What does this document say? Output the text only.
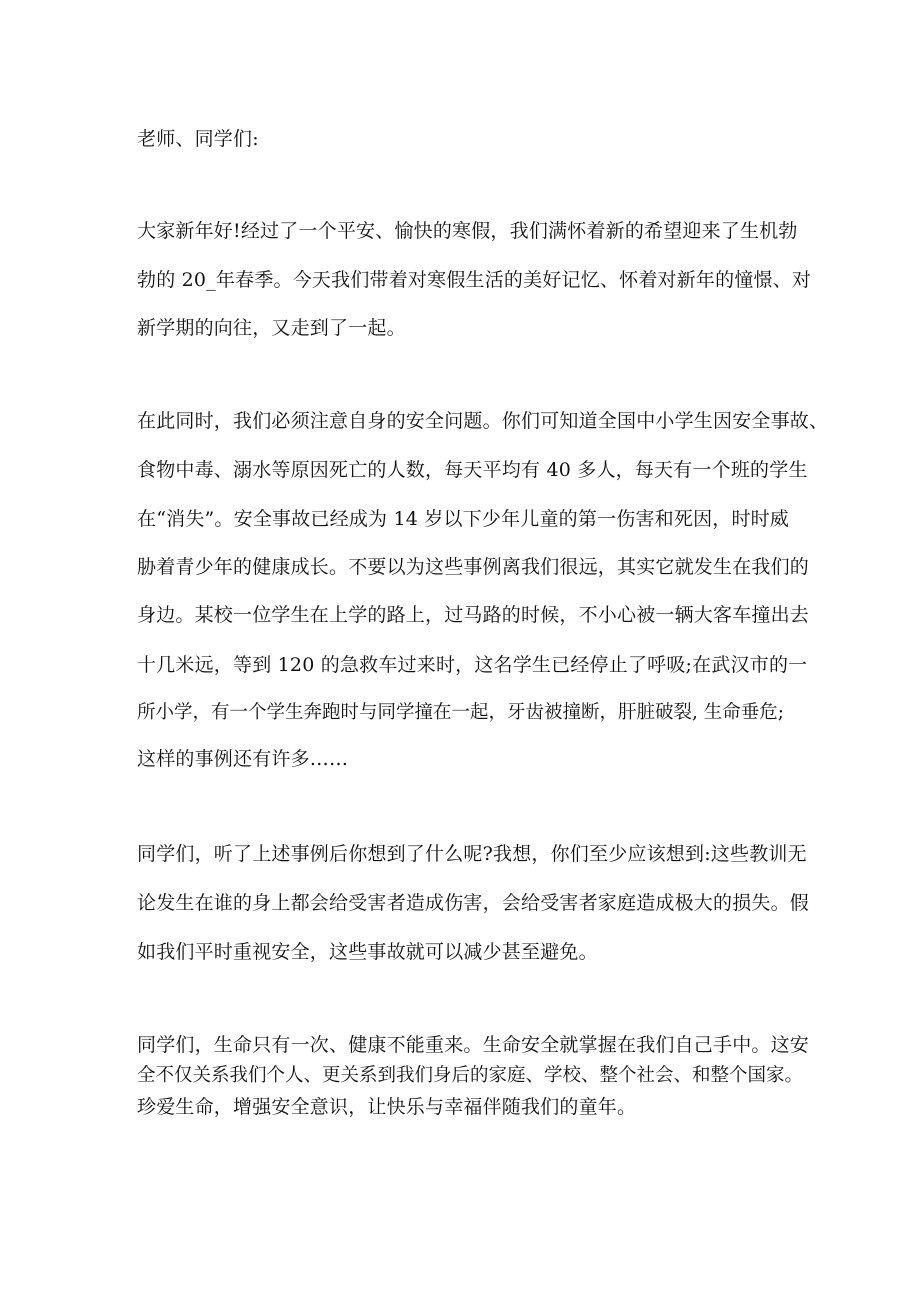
老师、同学们:
大家新年好!经过了一个平安、愉快的寒假，我们满怀着新的希望迎来了生机勃
勃的 20_年春季。今天我们带着对寒假生活的美好记忆、怀着对新年的憧憬、对
新学期的向往，又走到了一起。
在此同时，我们必须注意自身的安全问题。你们可知道全国中小学生因安全事故、
食物中毒、溺水等原因死亡的人数，每天平均有 40 多人，每天有一个班的学生
在“消失”。安全事故已经成为 14 岁以下少年儿童的第一伤害和死因，时时威
胁着青少年的健康成长。不要以为这些事例离我们很远，其实它就发生在我们的
身边。某校一位学生在上学的路上，过马路的时候，不小心被一辆大客车撞出去
十几米远，等到 120 的急救车过来时，这名学生已经停止了呼吸;在武汉市的一
所小学，有一个学生奔跑时与同学撞在一起，牙齿被撞断，肝脏破裂, 生命垂危;
这样的事例还有许多……
同学们，听了上述事例后你想到了什么呢?我想，你们至少应该想到:这些教训无
论发生在谁的身上都会给受害者造成伤害，会给受害者家庭造成极大的损失。假
如我们平时重视安全，这些事故就可以减少甚至避免。
同学们，生命只有一次、健康不能重来。生命安全就掌握在我们自己手中。这安
全不仅关系我们个人、更关系到我们身后的家庭、学校、整个社会、和整个国家。
珍爱生命，增强安全意识，让快乐与幸福伴随我们的童年。
